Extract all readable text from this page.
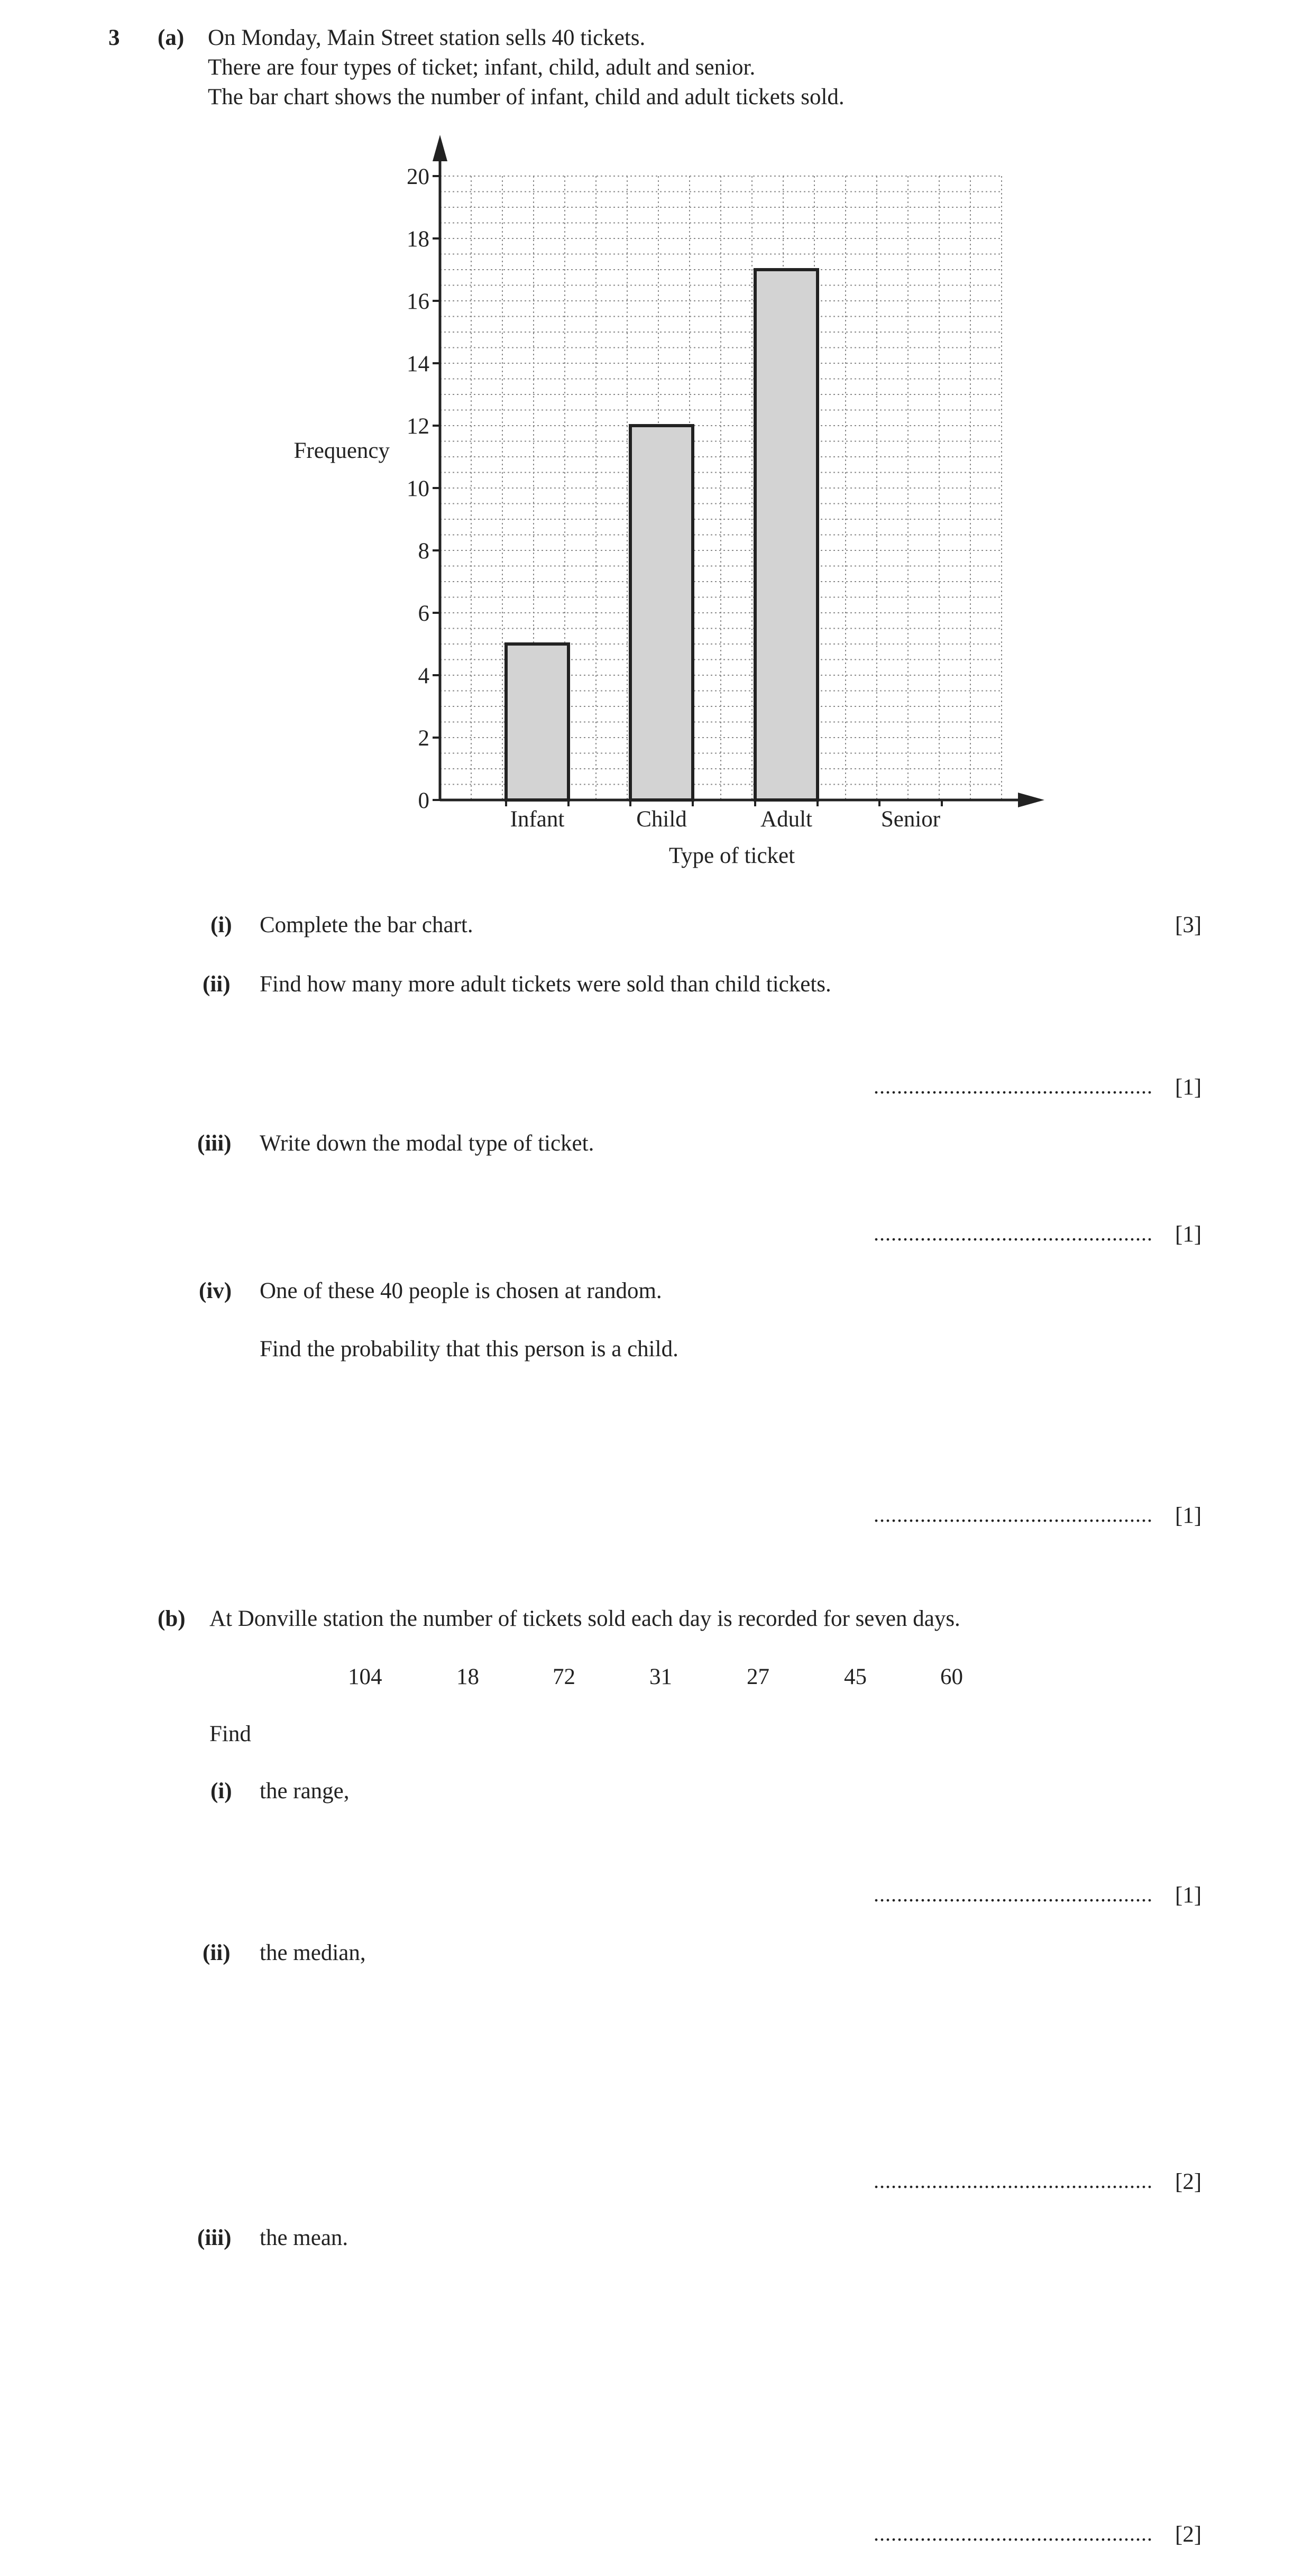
3 (a) On Monday, Main Street station sells 40 tickets.
There are four types of ticket; infant, child, adult and senior.
The bar chart shows the number of infant, child and adult tickets sold.
Infant	Child	Adult	Senior
0
2
4
6
8
10
12
14
16
18
20
Frequency
Type of ticket
(i) Complete the bar chart.	[3]
(ii) Find how many more adult tickets were sold than child tickets.
................................................ [1]
(iii) Write down the modal type of ticket.
................................................ [1]
(iv) One of these 40 people is chosen at random.
Find the probability that this person is a child.
................................................ [1]
(b) At Donville station the number of tickets sold each day is recorded for seven days.
104	18	72	31	27	45	60
Find
(i) the range,
................................................ [1]
(ii) the median,
................................................ [2]
(iii) the mean.
................................................ [2]
